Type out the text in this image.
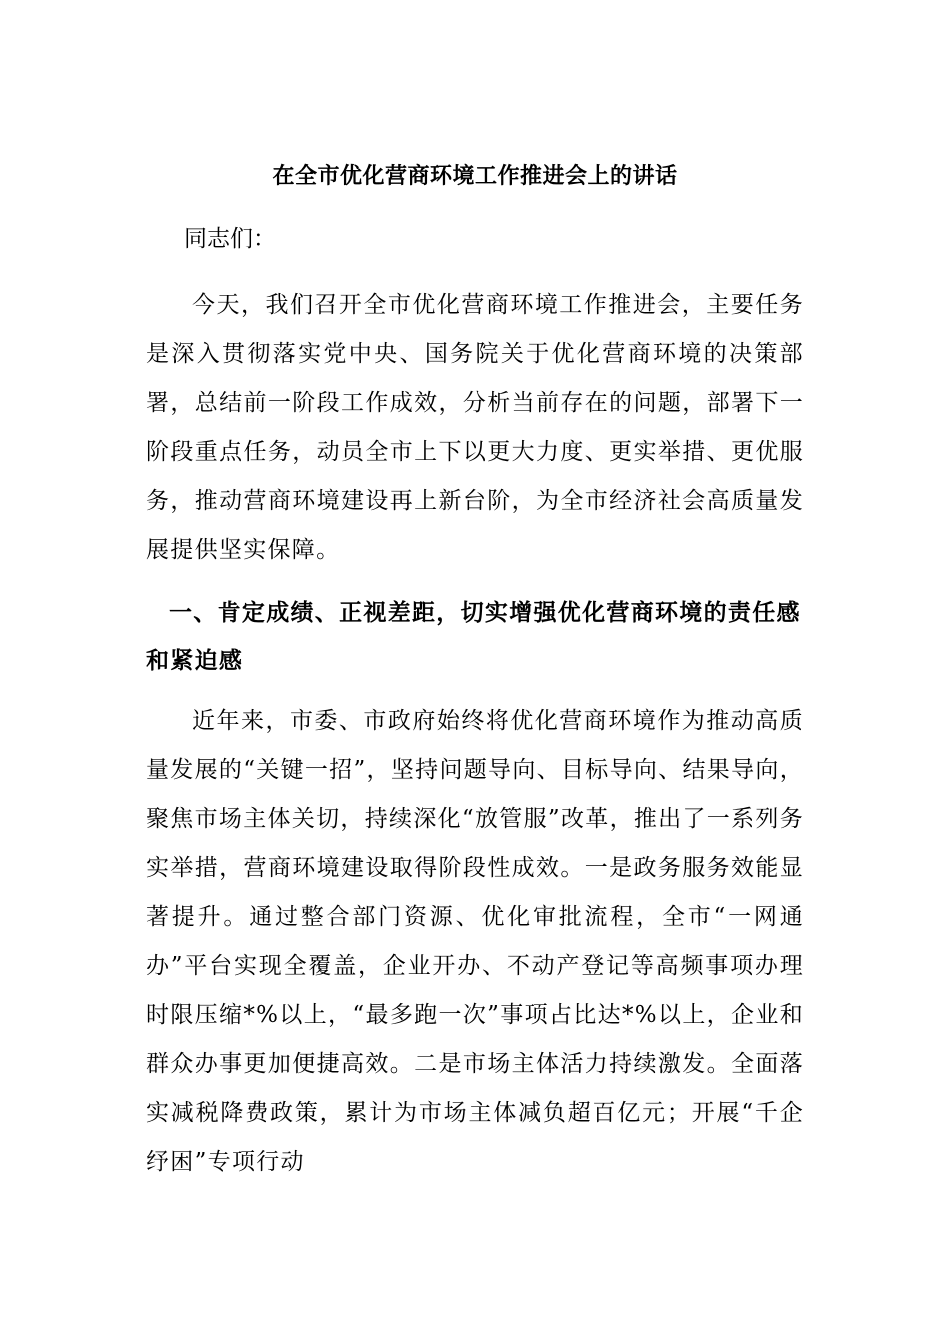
在全市优化营商环境工作推进会上的讲话
同志们：

今天，我们召开全市优化营商环境工作推进会，主要任务是深入贯彻落实党中央、国务院关于优化营商环境的决策部署，总结前一阶段工作成效，分析当前存在的问题，部署下一阶段重点任务，动员全市上下以更大力度、更实举措、更优服务，推动营商环境建设再上新台阶，为全市经济社会高质量发展提供坚实保障。

一、肯定成绩、正视差距，切实增强优化营商环境的责任感和紧迫感

近年来，市委、市政府始终将优化营商环境作为推动高质量发展的“关键一招”，坚持问题导向、目标导向、结果导向，聚焦市场主体关切，持续深化“放管服”改革，推出了一系列务实举措，营商环境建设取得阶段性成效。一是政务服务效能显著提升。通过整合部门资源、优化审批流程，全市“一网通办”平台实现全覆盖，企业开办、不动产登记等高频事项办理时限压缩*%以上，“最多跑一次”事项占比达*%以上，企业和群众办事更加便捷高效。二是市场主体活力持续激发。全面落实减税降费政策，累计为市场主体减负超百亿元；开展“千企纾困”专项行动
